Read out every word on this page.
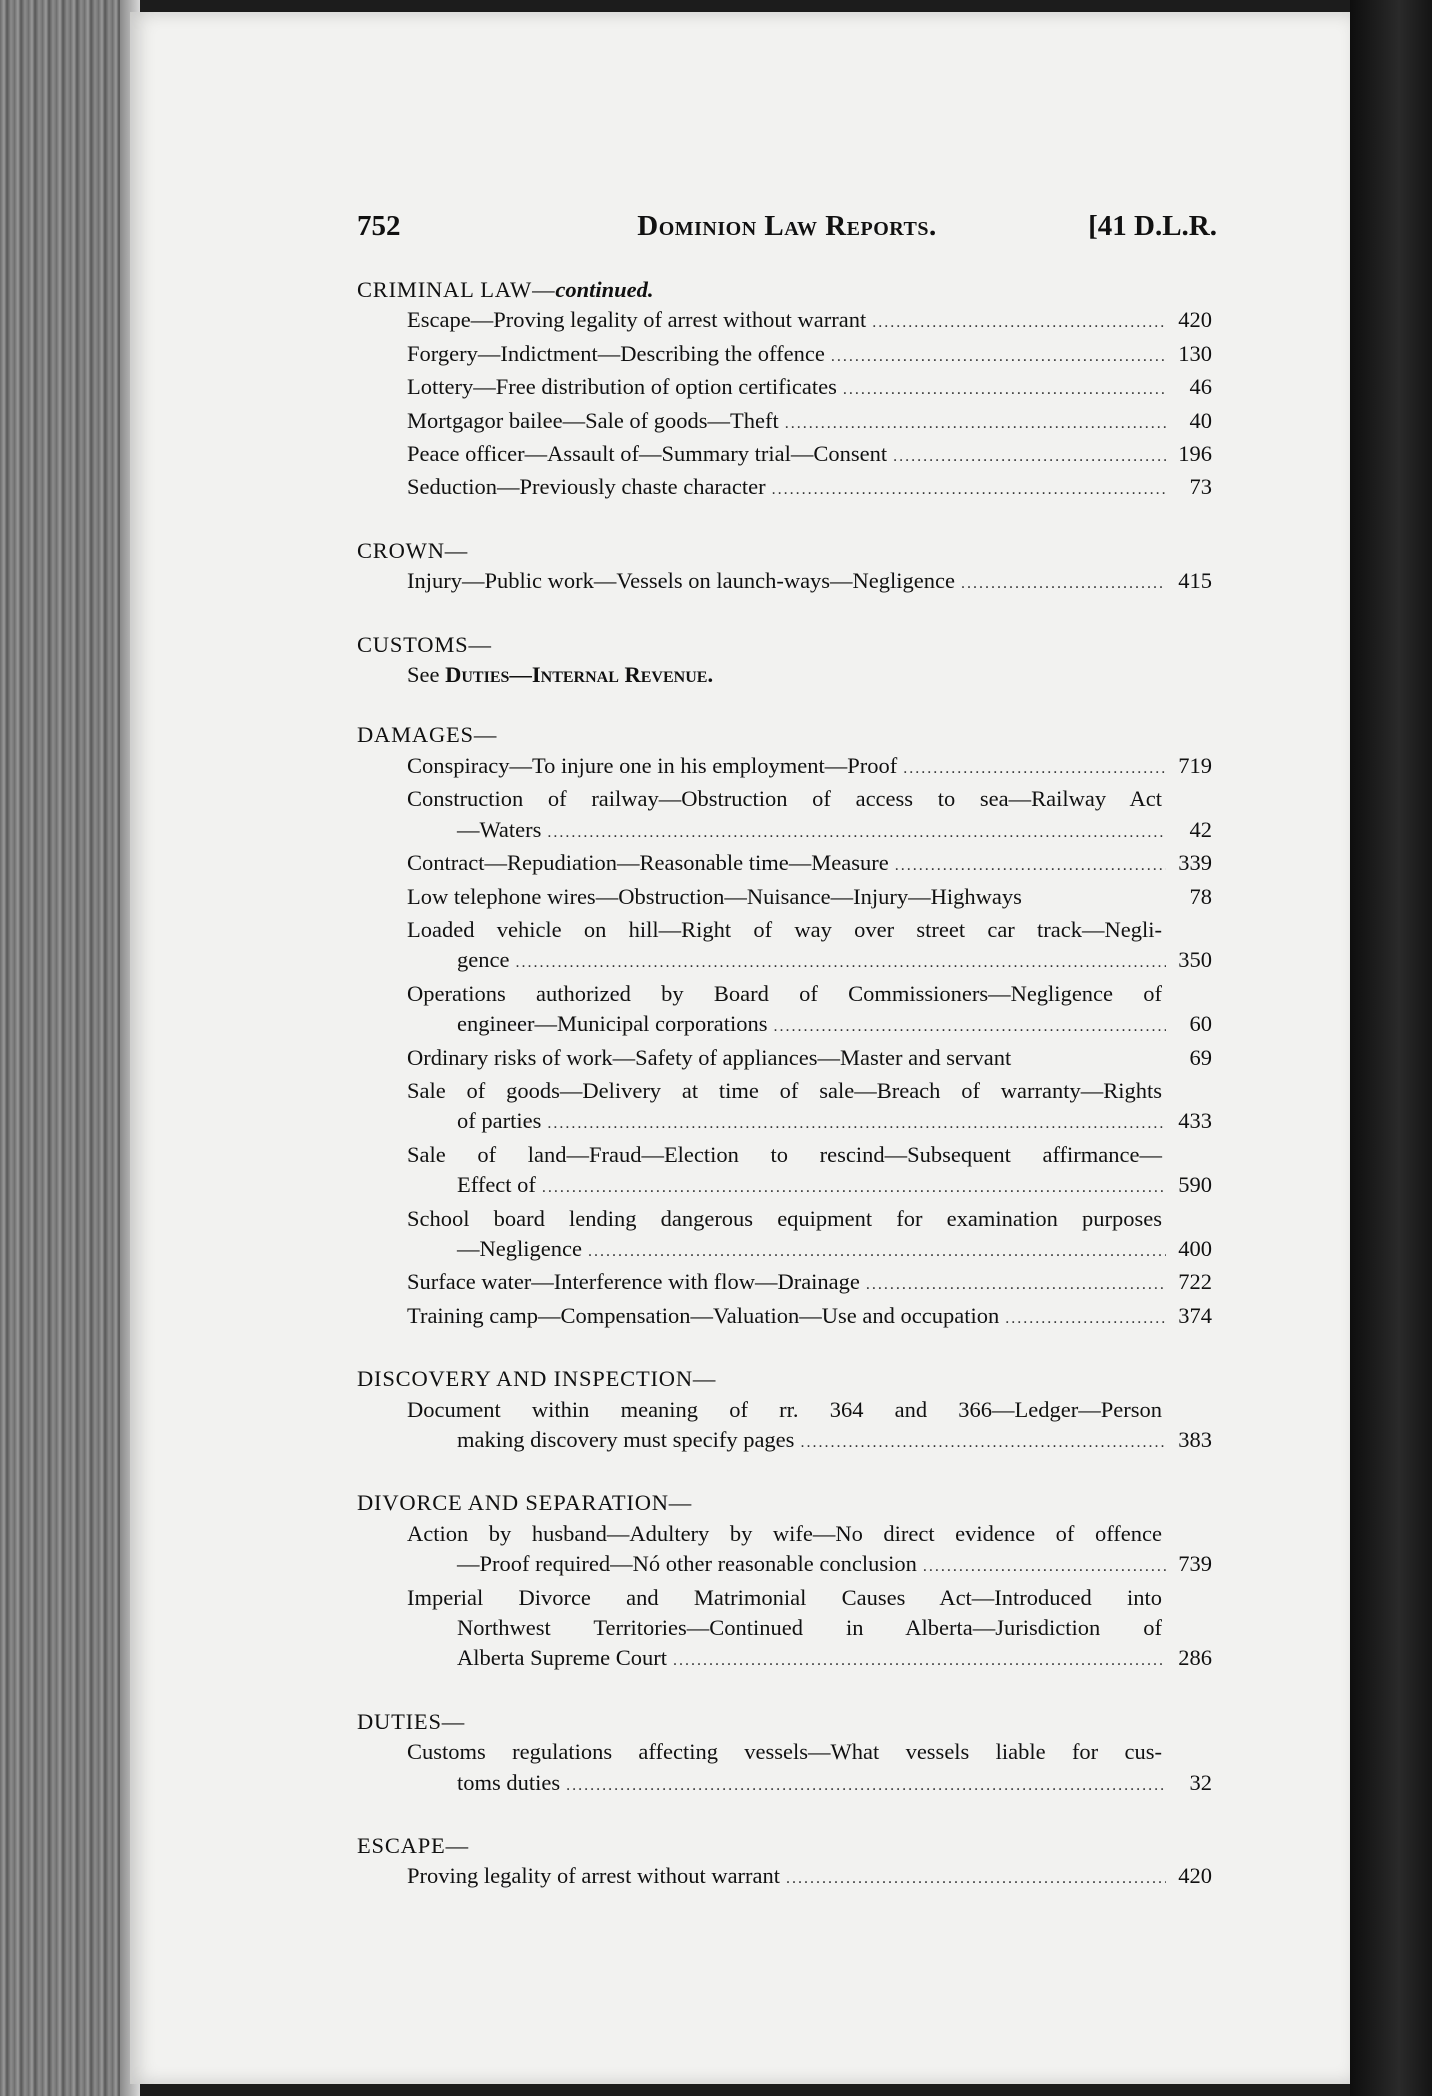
752	Dominion Law Reports.	[41 D.L.R.
CRIMINAL LAW—continued.
Escape—Proving legality of arrest without warrant . . .	420
Forgery—Indictment—Describing the offence . . .	130
Lottery—Free distribution of option certificates . . .	46
Mortgagor bailee—Sale of goods—Theft . . .	40
Peace officer—Assault of—Summary trial—Consent . . .	196
Seduction—Previously chaste character . . .	73
CROWN—
Injury—Public work—Vessels on launch-ways—Negligence . . .	415
CUSTOMS—
See Duties—Internal Revenue.
DAMAGES—
Conspiracy—To injure one in his employment—Proof . . .	719
Construction of railway—Obstruction of access to sea—Railway Act
—Waters . . .	42
Contract—Repudiation—Reasonable time—Measure . . .	339
Low telephone wires—Obstruction—Nuisance—Injury—Highways	78
Loaded vehicle on hill—Right of way over street car track—Negli-
gence . . .	350
Operations authorized by Board of Commissioners—Negligence of
engineer—Municipal corporations . . .	60
Ordinary risks of work—Safety of appliances—Master and servant	69
Sale of goods—Delivery at time of sale—Breach of warranty—Rights
of parties . . .	433
Sale of land—Fraud—Election to rescind—Subsequent affirmance—
Effect of . . .	590
School board lending dangerous equipment for examination purposes
—Negligence . . .	400
Surface water—Interference with flow—Drainage . . .	722
Training camp—Compensation—Valuation—Use and occupation . . .	374
DISCOVERY AND INSPECTION—
Document within meaning of rr. 364 and 366—Ledger—Person
making discovery must specify pages . . .	383
DIVORCE AND SEPARATION—
Action by husband—Adultery by wife—No direct evidence of offence
—Proof required—Nó other reasonable conclusion . . .	739
Imperial Divorce and Matrimonial Causes Act—Introduced into
Northwest Territories—Continued in Alberta—Jurisdiction of
Alberta Supreme Court . . .	286
DUTIES—
Customs regulations affecting vessels—What vessels liable for cus-
toms duties . . .	32
ESCAPE—
Proving legality of arrest without warrant . . .	420
